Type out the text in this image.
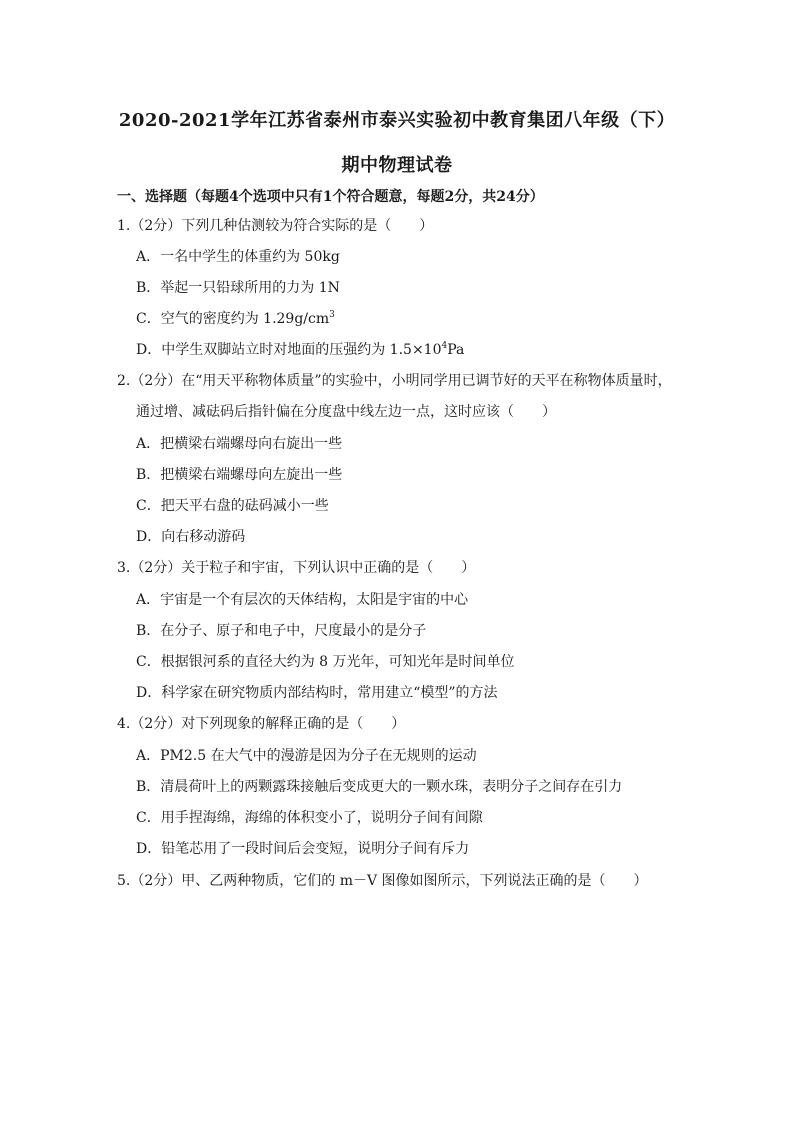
2020-2021学年江苏省泰州市泰兴实验初中教育集团八年级（下）
期中物理试卷
一、选择题（每题4个选项中只有1个符合题意，每题2分，共24分）
1.（2分）下列几种估测较为符合实际的是（　　）
A．一名中学生的体重约为 50kg
B．举起一只铅球所用的力为 1N
C．空气的密度约为 $1.29g/cm^3$
D．中学生双脚站立时对地面的压强约为 $1.5\times 10^4Pa$
2.（2分）在“用天平称物体质量”的实验中，小明同学用已调节好的天平在称物体质量时，
通过增、减砝码后指针偏在分度盘中线左边一点，这时应该（　　）
A．把横梁右端螺母向右旋出一些
B．把横梁右端螺母向左旋出一些
C．把天平右盘的砝码减小一些
D．向右移动游码
3.（2分）关于粒子和宇宙，下列认识中正确的是（　　）
A．宇宙是一个有层次的天体结构，太阳是宇宙的中心
B．在分子、原子和电子中，尺度最小的是分子
C．根据银河系的直径大约为 8 万光年，可知光年是时间单位
D．科学家在研究物质内部结构时，常用建立“模型”的方法
4.（2分）对下列现象的解释正确的是（　　）
A．PM2.5 在大气中的漫游是因为分子在无规则的运动
B．清晨荷叶上的两颗露珠接触后变成更大的一颗水珠，表明分子之间存在引力
C．用手捏海绵，海绵的体积变小了，说明分子间有间隙
D．铅笔芯用了一段时间后会变短，说明分子间有斥力
5.（2分）甲、乙两种物质，它们的 m－V 图像如图所示，下列说法正确的是（　　）
